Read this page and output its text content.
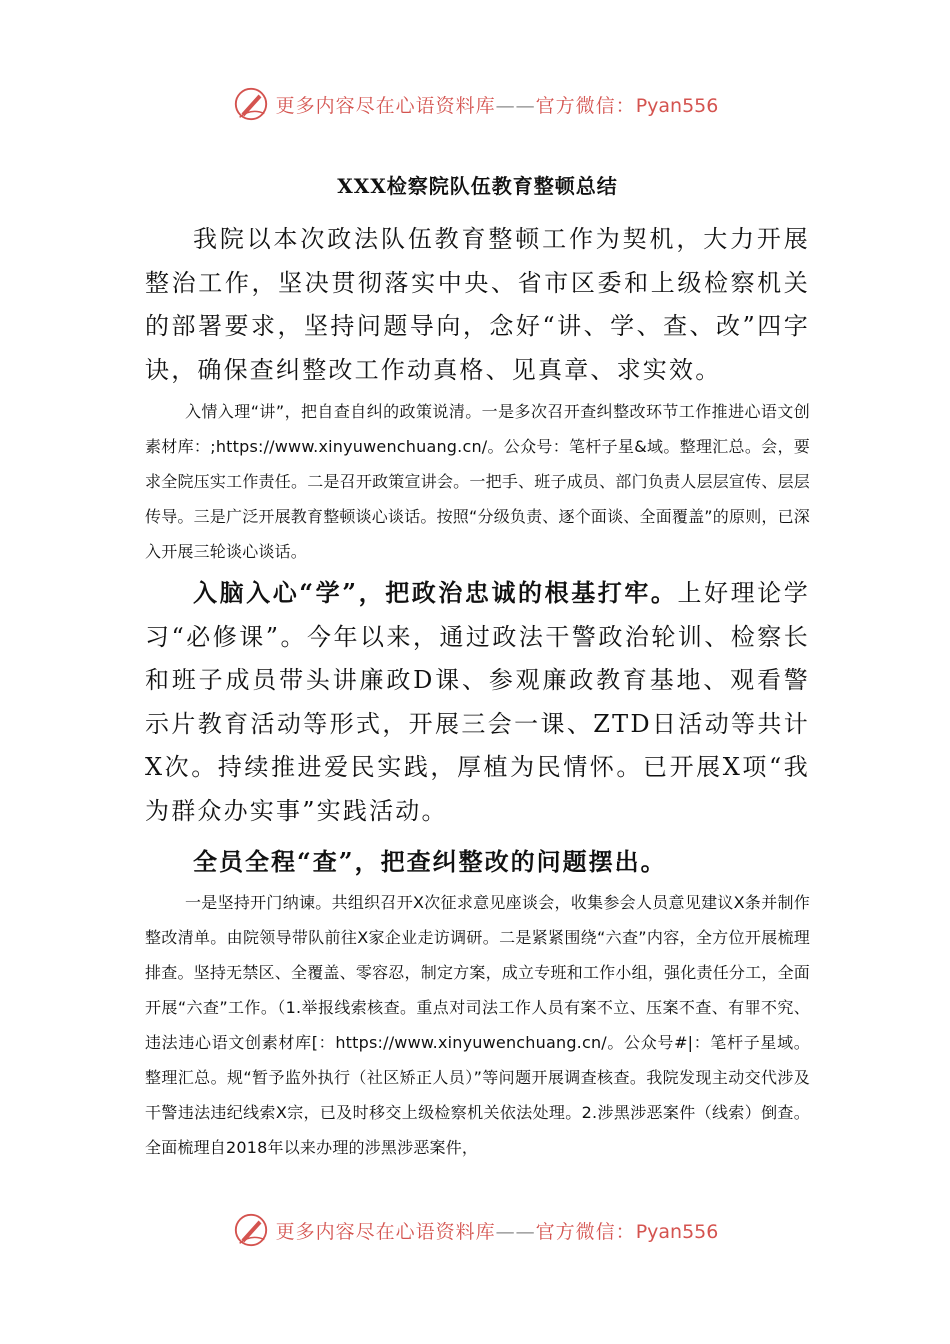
更多内容尽在心语资料库——官方微信：Pyan556
XXX检察院队伍教育整顿总结

我院以本次政法队伍教育整顿工作为契机，大力开展整治工作，坚决贯彻落实中央、省市区委和上级检察机关的部署要求，坚持问题导向，念好“讲、学、查、改”四字诀，确保查纠整改工作动真格、见真章、求实效。

入情入理“讲”，把自查自纠的政策说清。一是多次召开查纠整改环节工作推进心语文创素材库：;https://www.xinyuwenchuang.cn/。公众号：笔杆子星&域。整理汇总。会，要求全院压实工作责任。二是召开政策宣讲会。一把手、班子成员、部门负责人层层宣传、层层传导。三是广泛开展教育整顿谈心谈话。按照“分级负责、逐个面谈、全面覆盖”的原则，已深入开展三轮谈心谈话。

入脑入心“学”，把政治忠诚的根基打牢。上好理论学习“必修课”。今年以来，通过政法干警政治轮训、检察长和班子成员带头讲廉政D课、参观廉政教育基地、观看警示片教育活动等形式，开展三会一课、ZTD日活动等共计X次。持续推进爱民实践，厚植为民情怀。已开展X项“我为群众办实事”实践活动。

全员全程“查”，把查纠整改的问题摆出。

一是坚持开门纳谏。共组织召开X次征求意见座谈会，收集参会人员意见建议X条并制作整改清单。由院领导带队前往X家企业走访调研。二是紧紧围绕“六查”内容，全方位开展梳理排查。坚持无禁区、全覆盖、零容忍，制定方案，成立专班和工作小组，强化责任分工，全面开展“六查”工作。（1.举报线索核查。重点对司法工作人员有案不立、压案不查、有罪不究、违法违心语文创素材库[：https://www.xinyuwenchuang.cn/。公众号#|：笔杆子星域。整理汇总。规“暂予监外执行（社区矫正人员）”等问题开展调查核查。我院发现主动交代涉及干警违法违纪线索X宗，已及时移交上级检察机关依法处理。2.涉黑涉恶案件（线索）倒查。全面梳理自2018年以来办理的涉黑涉恶案件，

更多内容尽在心语资料库——官方微信：Pyan556
